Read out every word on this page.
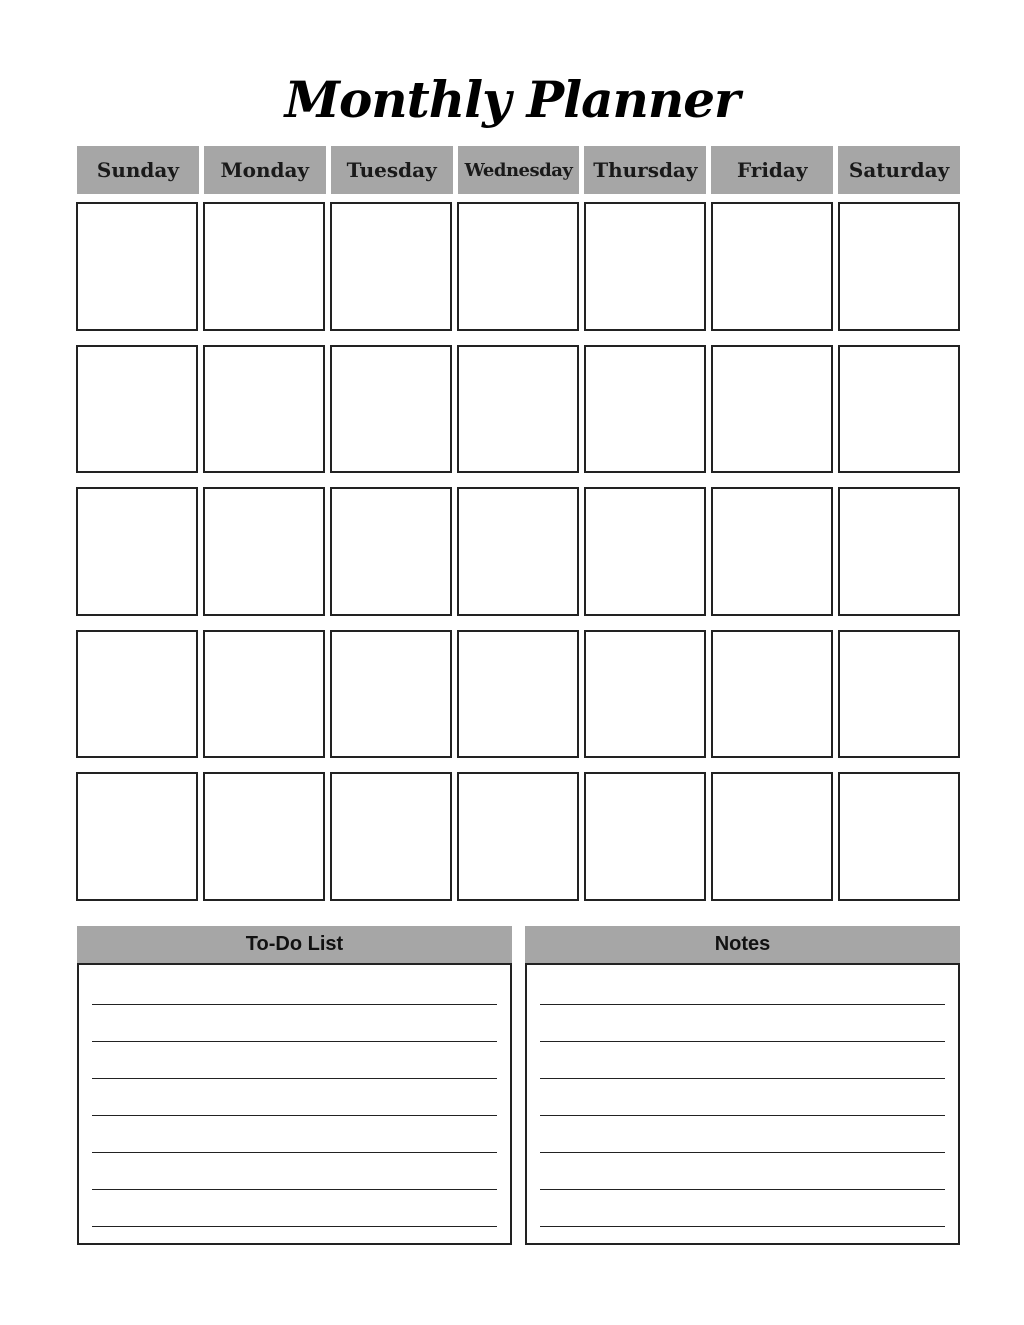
Monthly Planner
Sunday	Monday	Tuesday	Wednesday	Thursday	Friday	Saturday
To-Do List	Notes
